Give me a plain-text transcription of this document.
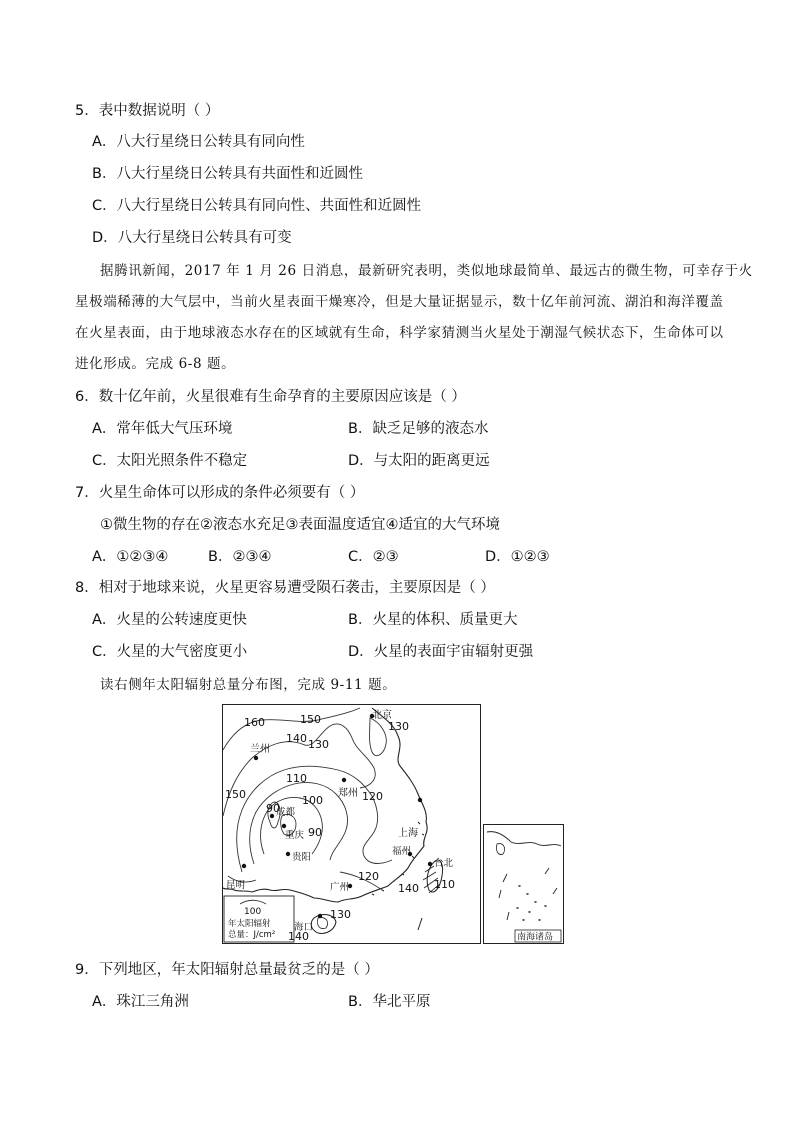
5．表中数据说明（ ）
A．八大行星绕日公转具有同向性
B．八大行星绕日公转具有共面性和近圆性
C．八大行星绕日公转具有同向性、共面性和近圆性
D．八大行星绕日公转具有可变
据腾讯新闻，2017 年 1 月 26 日消息，最新研究表明，类似地球最简单、最远古的微生物，可幸存于火
星极端稀薄的大气层中，当前火星表面干燥寒冷，但是大量证据显示，数十亿年前河流、湖泊和海洋覆盖
在火星表面，由于地球液态水存在的区域就有生命，科学家猜测当火星处于潮湿气候状态下，生命体可以
进化形成。完成 6-8 题。
6．数十亿年前，火星很难有生命孕育的主要原因应该是（ ）
A．常年低大气压环境	B．缺乏足够的液态水
C．太阳光照条件不稳定	D．与太阳的距离更远
7．火星生命体可以形成的条件必须要有（ ）
①微生物的存在②液态水充足③表面温度适宜④适宜的大气环境
A．①②③④	B．②③④	C．②③	D．①②③
8．相对于地球来说，火星更容易遭受陨石袭击，主要原因是（ ）
A．火星的公转速度更快	B．火星的体积、质量更大
C．火星的大气密度更小	D．火星的表面宇宙辐射更强
读右侧年太阳辐射总量分布图，完成 9-11 题。
100
年太阳辐射
总量：J/cm²
北京
兰州
郑州
成都
重庆
贵阳
上海
福州
台北
昆明	广州
海口
160	150
130
140 130
110
150
90
100	120
90
120
140 110
130
140	南海诸岛
9．下列地区，年太阳辐射总量最贫乏的是（ ）
A．珠江三角洲	B．华北平原
